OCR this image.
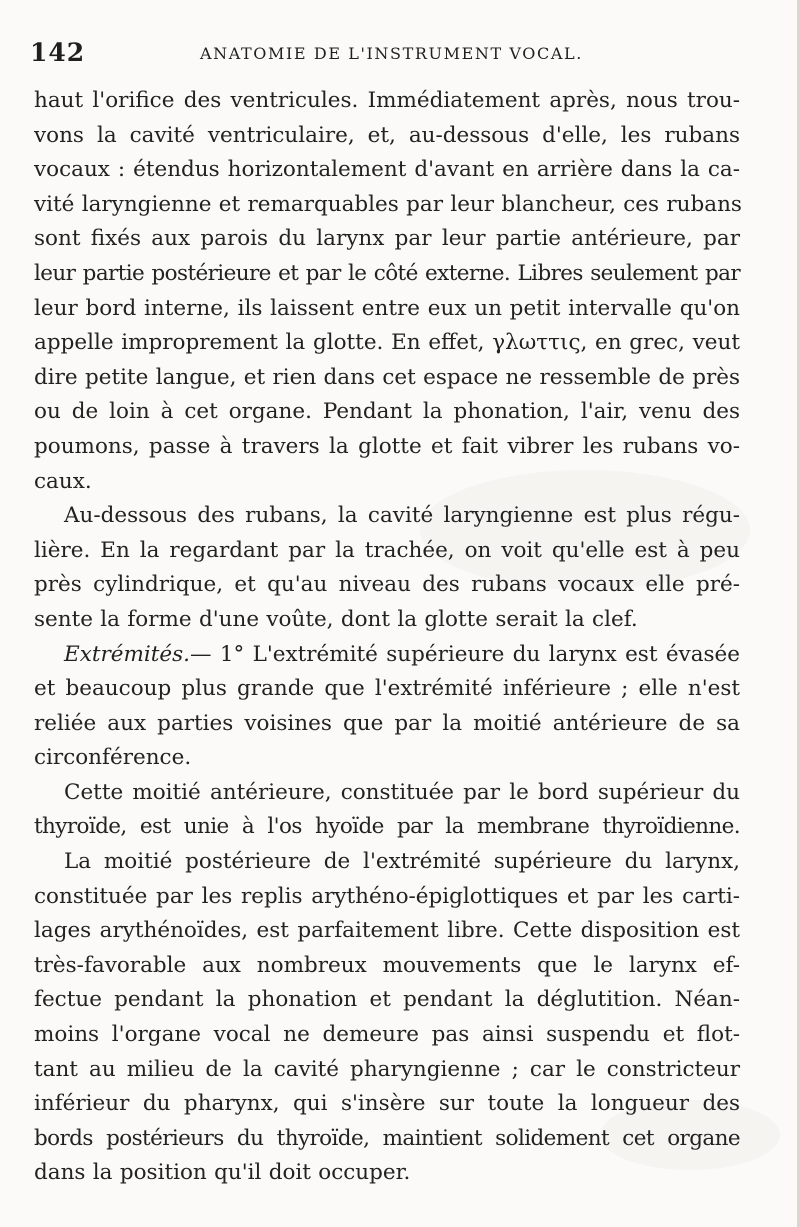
142	ANATOMIE DE L'INSTRUMENT VOCAL.
haut l'orifice des ventricules. Immédiatement après, nous trou-
vons la cavité ventriculaire, et, au-dessous d'elle, les rubans
vocaux : étendus horizontalement d'avant en arrière dans la ca-
vité laryngienne et remarquables par leur blancheur, ces rubans
sont fixés aux parois du larynx par leur partie antérieure, par
leur partie postérieure et par le côté externe. Libres seulement par
leur bord interne, ils laissent entre eux un petit intervalle qu'on
appelle improprement la glotte. En effet, γλωττις, en grec, veut
dire petite langue, et rien dans cet espace ne ressemble de près
ou de loin à cet organe. Pendant la phonation, l'air, venu des
poumons, passe à travers la glotte et fait vibrer les rubans vo-
caux.
Au-dessous des rubans, la cavité laryngienne est plus régu-
lière. En la regardant par la trachée, on voit qu'elle est à peu
près cylindrique, et qu'au niveau des rubans vocaux elle pré-
sente la forme d'une voûte, dont la glotte serait la clef.
Extrémités.— 1° L'extrémité supérieure du larynx est évasée
et beaucoup plus grande que l'extrémité inférieure ; elle n'est
reliée aux parties voisines que par la moitié antérieure de sa
circonférence.
Cette moitié antérieure, constituée par le bord supérieur du
thyroïde, est unie à l'os hyoïde par la membrane thyroïdienne.
La moitié postérieure de l'extrémité supérieure du larynx,
constituée par les replis arythéno-épiglottiques et par les carti-
lages arythénoïdes, est parfaitement libre. Cette disposition est
très-favorable aux nombreux mouvements que le larynx ef-
fectue pendant la phonation et pendant la déglutition. Néan-
moins l'organe vocal ne demeure pas ainsi suspendu et flot-
tant au milieu de la cavité pharyngienne ; car le constricteur
inférieur du pharynx, qui s'insère sur toute la longueur des
bords postérieurs du thyroïde, maintient solidement cet organe
dans la position qu'il doit occuper.
